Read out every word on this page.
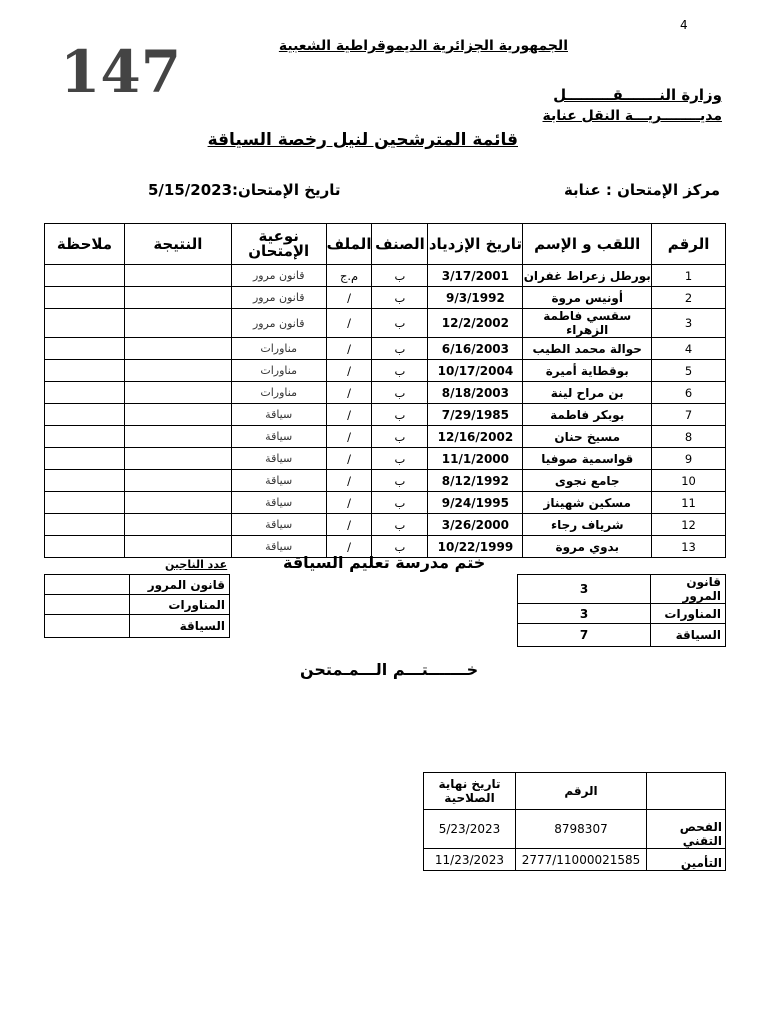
4
147	الجمهورية الجزائرية الديموقراطية الشعبية
وزارة النـــــــقـــــــــل
مديــــــــريـــة النقل عنابة
قائمة المترشحين لنيل رخصة السياقة
مركز الإمتحان : عنابة
تاريخ الإمتحان:5/15/2023
الرقم	اللقب و الإسم	تاريخ الإزدياد	الصنف	الملف	نوعية الإمتحان	النتيجة	ملاحظة
1	بورطل زعراط غفران	3/17/2001	ب	م.ج	قانون مرور		
2	أونيس مروة	9/3/1992	ب	/	قانون مرور		
3	سقسي فاطمة الزهراء	12/2/2002	ب	/	قانون مرور		
4	حوالة محمد الطيب	6/16/2003	ب	/	مناورات		
5	بوقطاية أميرة	10/17/2004	ب	/	مناورات		
6	بن مراح لينة	8/18/2003	ب	/	مناورات		
7	بوبكر فاطمة	7/29/1985	ب	/	سياقة		
8	مسيخ حنان	12/16/2002	ب	/	سياقة		
9	قواسمية صوفيا	11/1/2000	ب	/	سياقة		
10	جامع نجوى	8/12/1992	ب	/	سياقة		
11	مسكين شهيناز	9/24/1995	ب	/	سياقة		
12	شرياف رجاء	3/26/2000	ب	/	سياقة		
13	بدوي مروة	10/22/1999	ب	/	سياقة		
ختم مدرسة تعليم السياقة
عدد الناجين
	قانون المرور
	المناورات
	السياقة
قانون المرور	3
المناورات	3
السياقة	7
خـــــــتـــم الـــمـمتحن
	الرقم	تاريخ نهاية الصلاحية
الفحص التقني	8798307	5/23/2023
التأمين	2777/11000021585	11/23/2023
